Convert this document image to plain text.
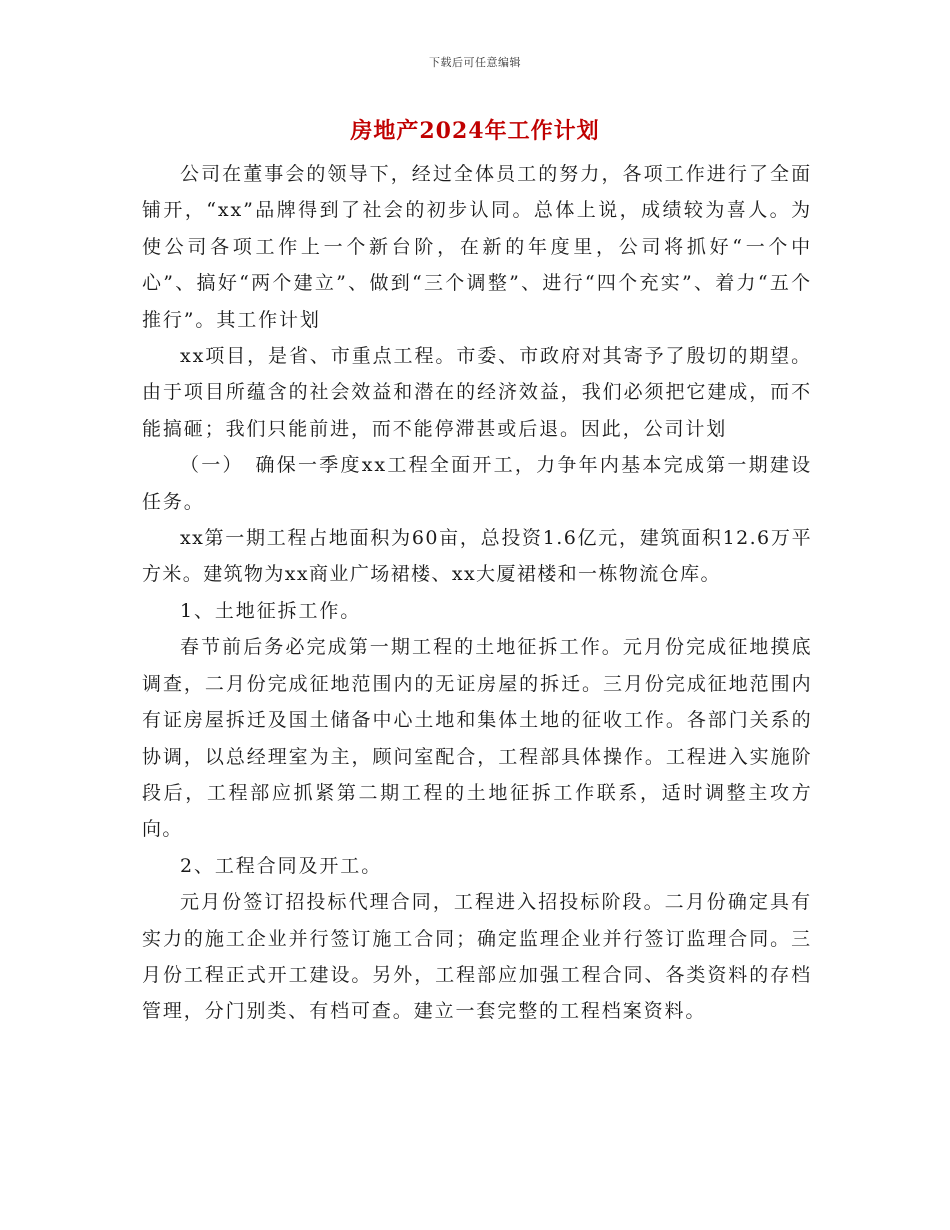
下载后可任意编辑
房地产2024年工作计划

公司在董事会的领导下，经过全体员工的努力，各项工作进行了全面铺开，“xx”品牌得到了社会的初步认同。总体上说，成绩较为喜人。为使公司各项工作上一个新台阶，在新的年度里，公司将抓好“一个中心”、搞好“两个建立”、做到“三个调整”、进行“四个充实”、着力“五个推行”。其工作计划

xx项目，是省、市重点工程。市委、市政府对其寄予了殷切的期望。由于项目所蕴含的社会效益和潜在的经济效益，我们必须把它建成，而不能搞砸；我们只能前进，而不能停滞甚或后退。因此，公司计划

（一）　确保一季度xx工程全面开工，力争年内基本完成第一期建设任务。

xx第一期工程占地面积为60亩，总投资1.6亿元，建筑面积12.6万平方米。建筑物为xx商业广场裙楼、xx大厦裙楼和一栋物流仓库。

1、土地征拆工作。

春节前后务必完成第一期工程的土地征拆工作。元月份完成征地摸底调查，二月份完成征地范围内的无证房屋的拆迁。三月份完成征地范围内有证房屋拆迁及国土储备中心土地和集体土地的征收工作。各部门关系的协调，以总经理室为主，顾问室配合，工程部具体操作。工程进入实施阶段后，工程部应抓紧第二期工程的土地征拆工作联系，适时调整主攻方向。

2、工程合同及开工。

元月份签订招投标代理合同，工程进入招投标阶段。二月份确定具有实力的施工企业并行签订施工合同；确定监理企业并行签订监理合同。三月份工程正式开工建设。另外，工程部应加强工程合同、各类资料的存档管理，分门别类、有档可查。建立一套完整的工程档案资料。
